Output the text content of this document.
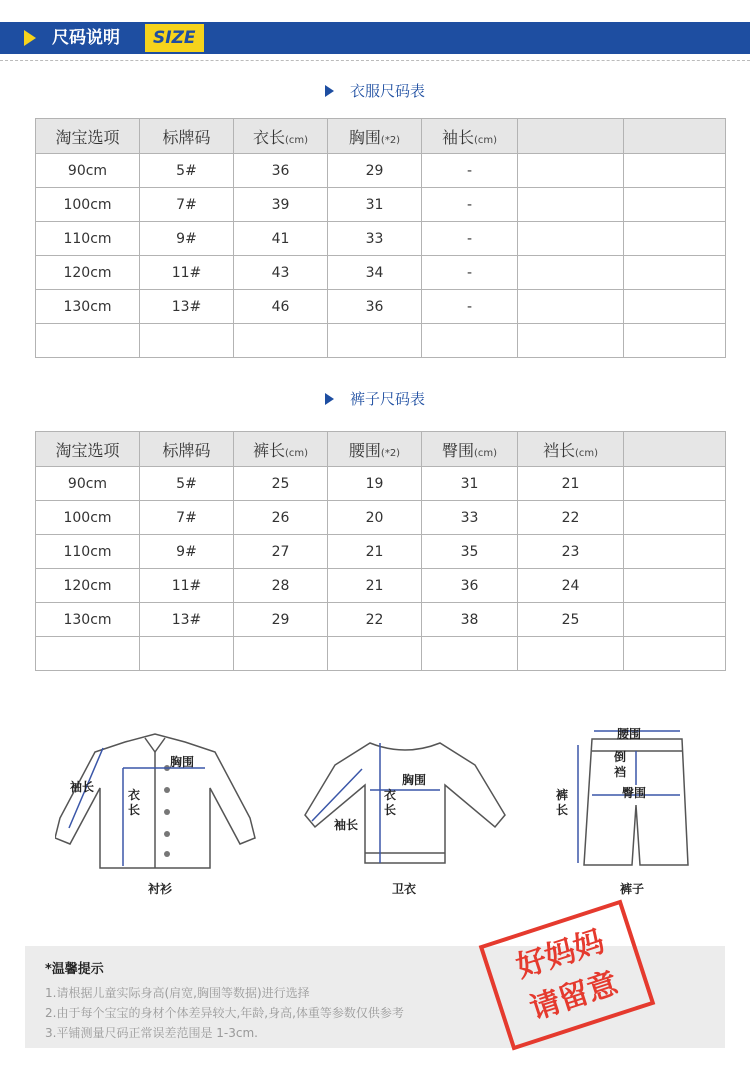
尺码说明	SIZE
衣服尺码表
淘宝选项	标牌码	衣长(cm)	胸围(*2)	袖长(cm)		
90cm	5#	36	29	-		
100cm	7#	39	31	-		
110cm	9#	41	33	-		
120cm	11#	43	34	-		
130cm	13#	46	36	-		

裤子尺码表
淘宝选项	标牌码	裤长(cm)	腰围(*2)	臀围(cm)	裆长(cm)	
90cm	5#	25	19	31	21	
100cm	7#	26	20	33	22	
110cm	9#	27	21	35	23	
120cm	11#	28	21	36	24	
130cm	13#	29	22	38	25	

袖长
衣长
胸围
衬衫
胸围
衣长
袖长
卫衣
腰围
倒裆
臀围
裤长
裤子
*温馨提示
1.请根据儿童实际身高(肩宽,胸围等数据)进行选择
2.由于每个宝宝的身材个体差异较大,年龄,身高,体重等参数仅供参考
3.平铺测量尺码正常误差范围是 1-3cm.
好妈妈
请留意
